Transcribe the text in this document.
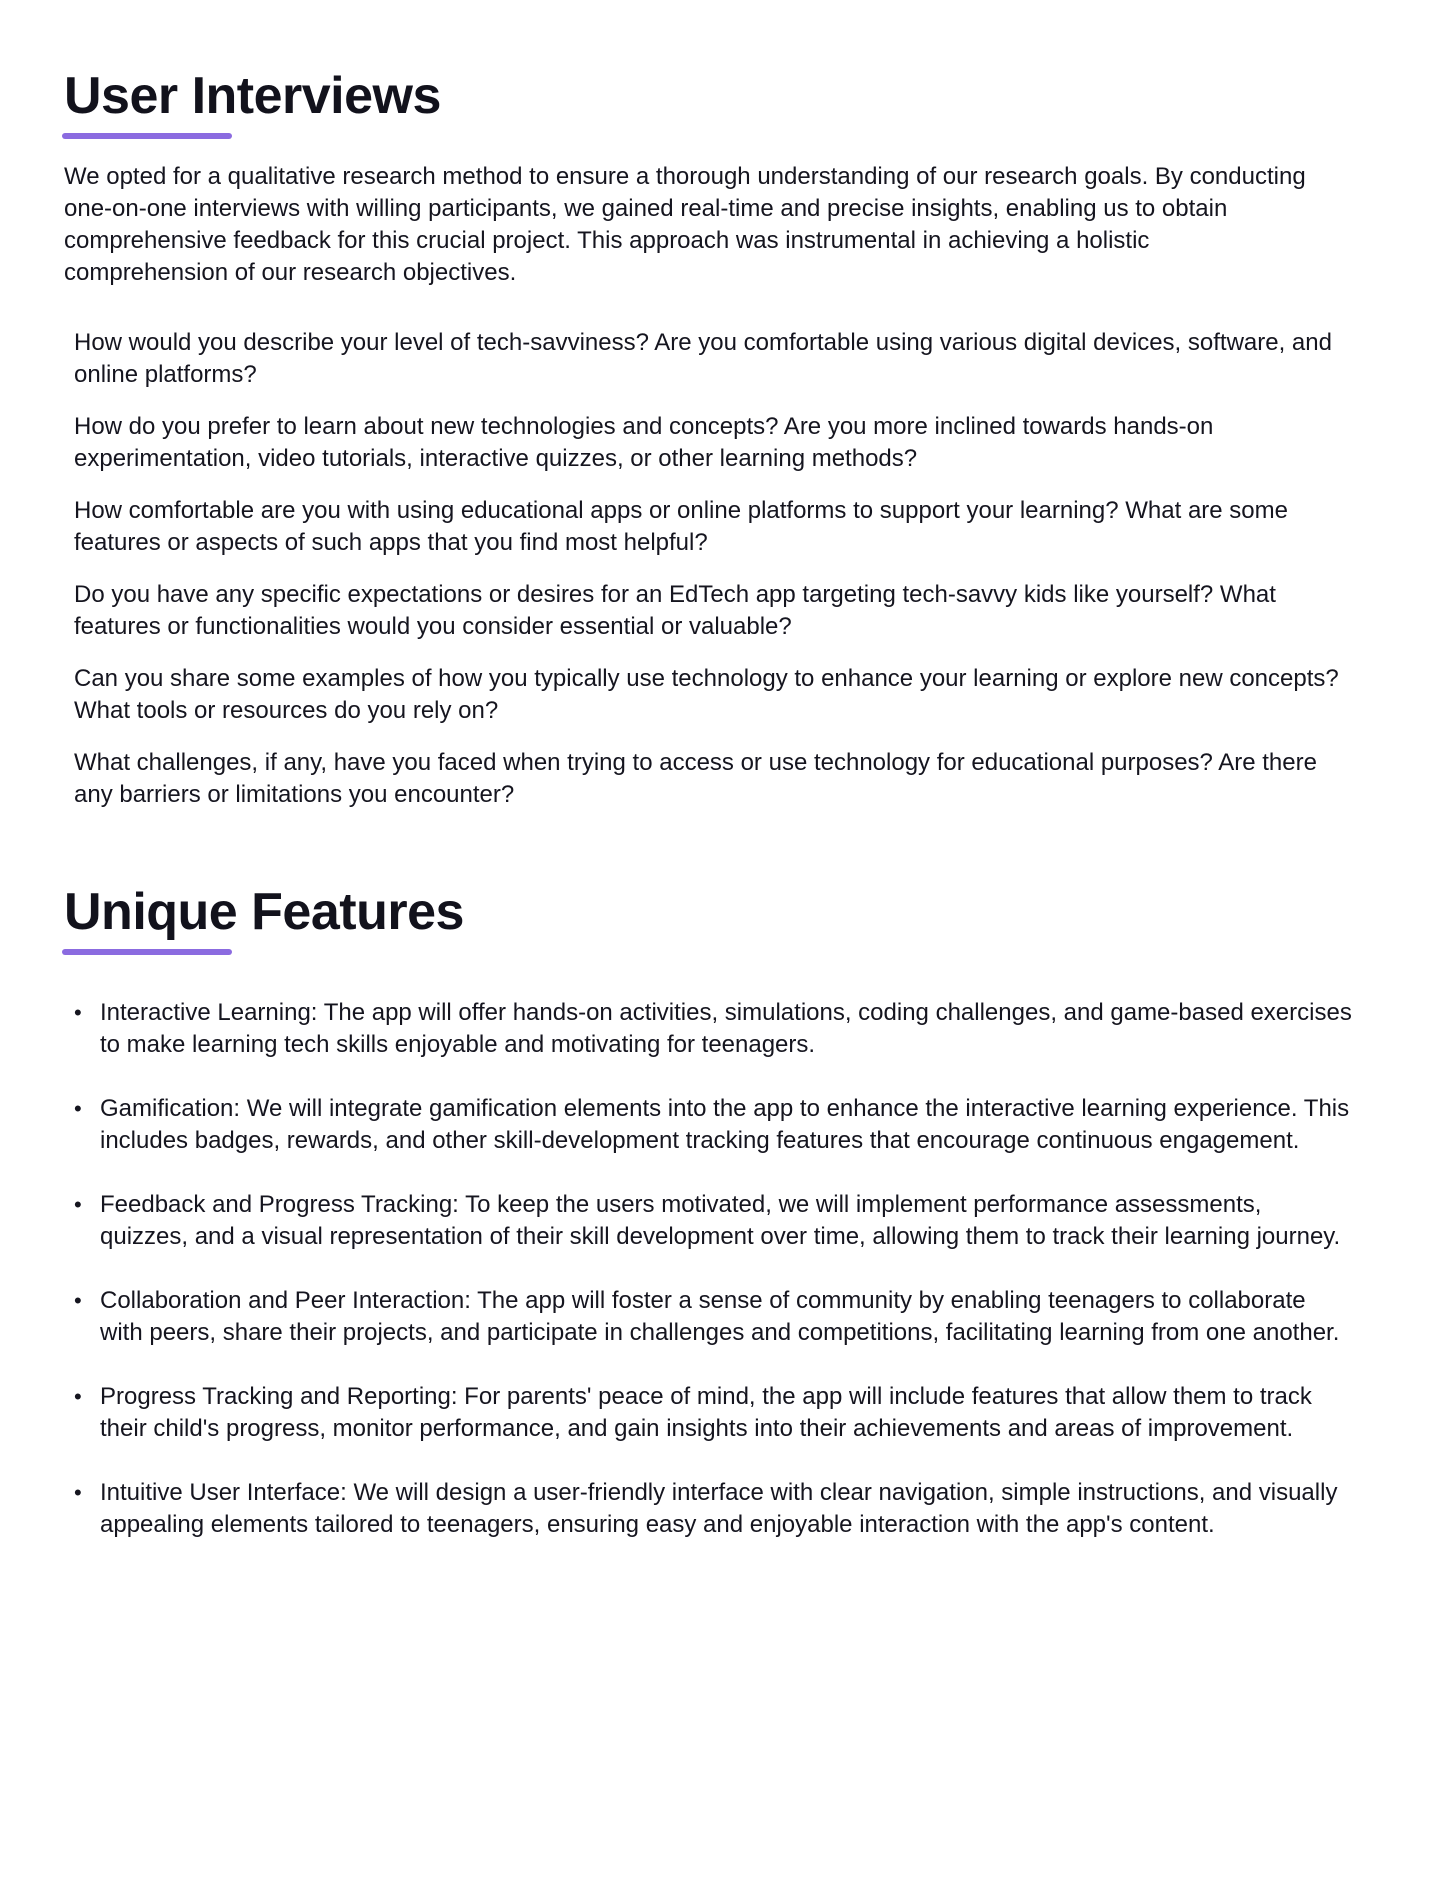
User Interviews

We opted for a qualitative research method to ensure a thorough understanding of our research goals. By conducting one-on-one interviews with willing participants, we gained real-time and precise insights, enabling us to obtain comprehensive feedback for this crucial project. This approach was instrumental in achieving a holistic comprehension of our research objectives.

How would you describe your level of tech-savviness? Are you comfortable using various digital devices, software, and online platforms?
How do you prefer to learn about new technologies and concepts? Are you more inclined towards hands-on experimentation, video tutorials, interactive quizzes, or other learning methods?
How comfortable are you with using educational apps or online platforms to support your learning? What are some features or aspects of such apps that you find most helpful?
Do you have any specific expectations or desires for an EdTech app targeting tech-savvy kids like yourself? What features or functionalities would you consider essential or valuable?
Can you share some examples of how you typically use technology to enhance your learning or explore new concepts? What tools or resources do you rely on?
What challenges, if any, have you faced when trying to access or use technology for educational purposes? Are there any barriers or limitations you encounter?
Unique Features
• Interactive Learning: The app will offer hands-on activities, simulations, coding challenges, and game-based exercises to make learning tech skills enjoyable and motivating for teenagers.
• Gamification: We will integrate gamification elements into the app to enhance the interactive learning experience. This includes badges, rewards, and other skill-development tracking features that encourage continuous engagement.
• Feedback and Progress Tracking: To keep the users motivated, we will implement performance assessments, quizzes, and a visual representation of their skill development over time, allowing them to track their learning journey.
• Collaboration and Peer Interaction: The app will foster a sense of community by enabling teenagers to collaborate with peers, share their projects, and participate in challenges and competitions, facilitating learning from one another.
• Progress Tracking and Reporting: For parents' peace of mind, the app will include features that allow them to track their child's progress, monitor performance, and gain insights into their achievements and areas of improvement.
• Intuitive User Interface: We will design a user-friendly interface with clear navigation, simple instructions, and visually appealing elements tailored to teenagers, ensuring easy and enjoyable interaction with the app's content.
